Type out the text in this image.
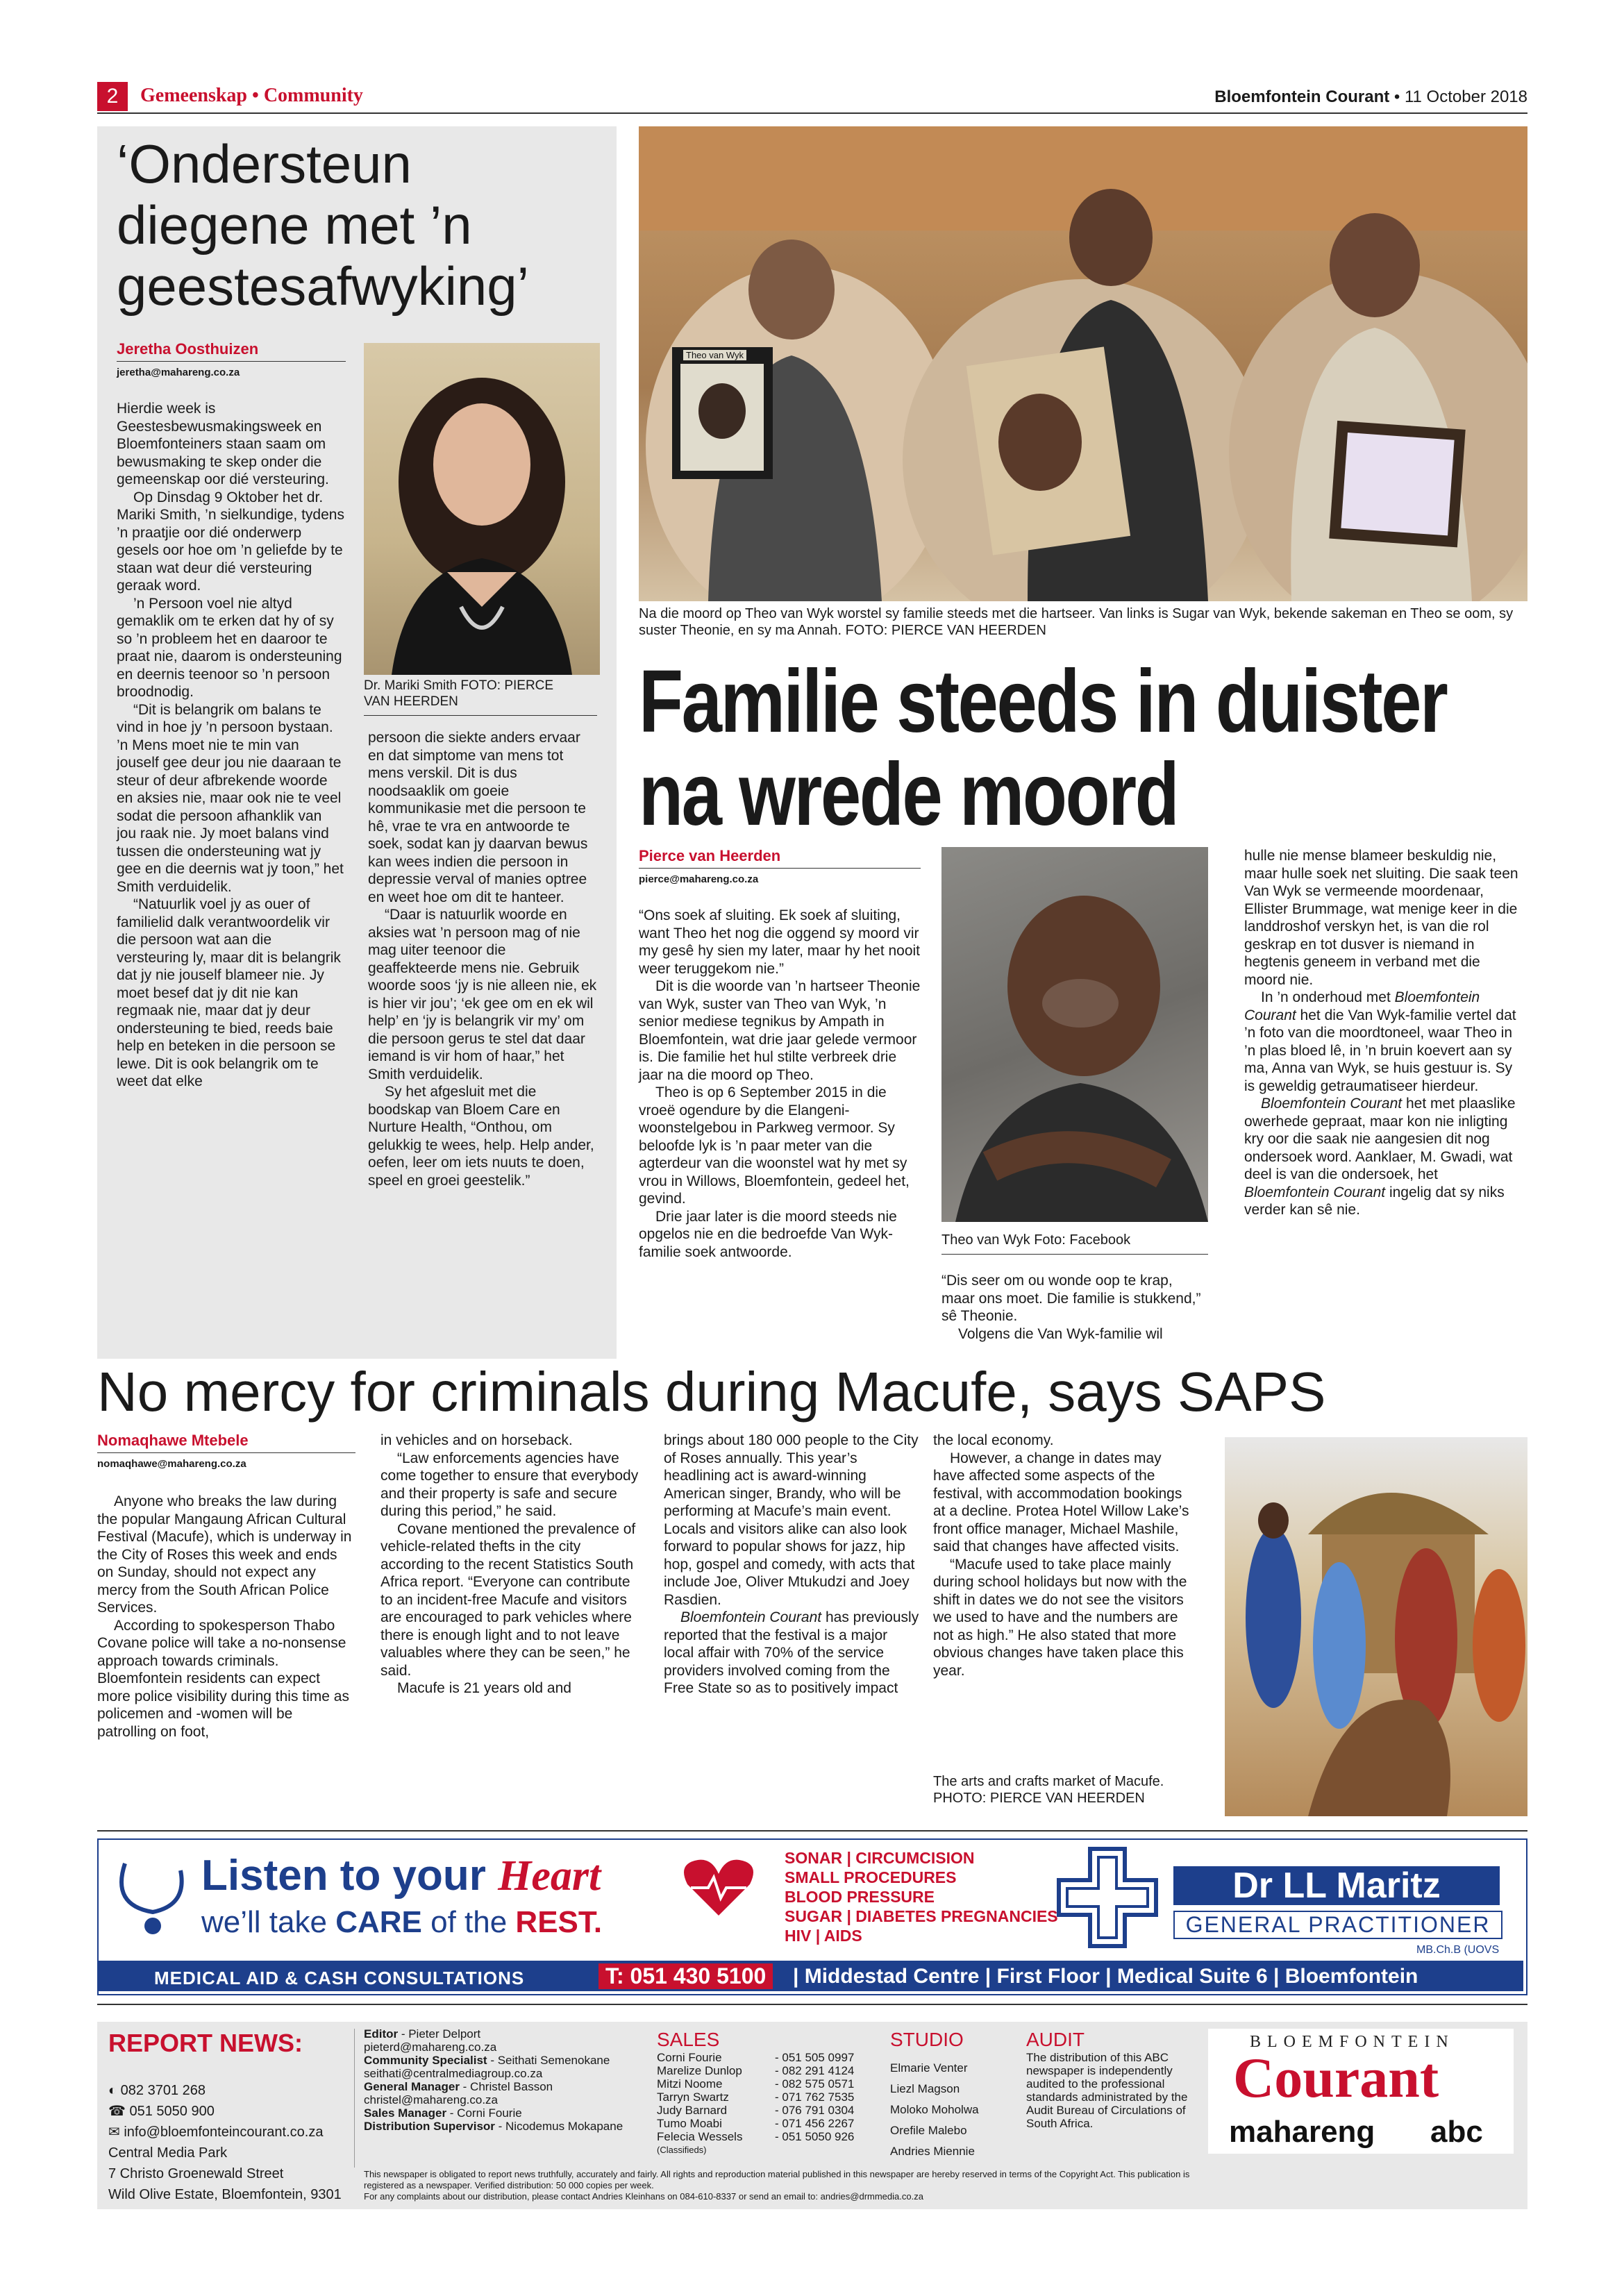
2	Gemeenskap • Community	Bloemfontein Courant • 11 October 2018
‘Ondersteun diegene met ’n geestesafwyking’
Jeretha Oosthuizen
jeretha@mahareng.co.za

Hierdie week is Geestesbewusmakingsweek en Bloemfonteiners staan saam om bewusmaking te skep onder die gemeenskap oor dié versteuring.

Op Dinsdag 9 Oktober het dr. Mariki Smith, ’n sielkundige, tydens ’n praatjie oor dié onderwerp gesels oor hoe om ’n geliefde by te staan wat deur dié versteuring geraak word.

’n Persoon voel nie altyd gemaklik om te erken dat hy of sy so ’n probleem het en daaroor te praat nie, daarom is ondersteuning en deernis teenoor so ’n persoon broodnodig.

“Dit is belangrik om balans te vind in hoe jy ’n persoon bystaan. ’n Mens moet nie te min van jouself gee deur jou nie daaraan te steur of deur afbrekende woorde en aksies nie, maar ook nie te veel sodat die persoon afhanklik van jou raak nie. Jy moet balans vind tussen die ondersteuning wat jy gee en die deernis wat jy toon,” het Smith verduidelik.

“Natuurlik voel jy as ouer of familielid dalk verantwoordelik vir die persoon wat aan die versteuring ly, maar dit is belangrik dat jy nie jouself blameer nie. Jy moet besef dat jy dit nie kan regmaak nie, maar dat jy deur ondersteuning te bied, reeds baie help en beteken in die persoon se lewe. Dit is ook belangrik om te weet dat elke

Dr. Mariki Smith FOTO: PIERCE VAN HEERDEN

persoon die siekte anders ervaar en dat simptome van mens tot mens verskil. Dit is dus noodsaaklik om goeie kommunikasie met die persoon te hê, vrae te vra en antwoorde te soek, sodat kan jy daarvan bewus kan wees indien die persoon in depressie verval of manies optree en weet hoe om dit te hanteer.

“Daar is natuurlik woorde en aksies wat ’n persoon mag of nie mag uiter teenoor die geaffekteerde mens nie. Gebruik woorde soos ‘jy is nie alleen nie, ek is hier vir jou’; ‘ek gee om en ek wil help’ en ‘jy is belangrik vir my’ om die persoon gerus te stel dat daar iemand is vir hom of haar,” het Smith verduidelik.

Sy het afgesluit met die boodskap van Bloem Care en Nurture Health, “Onthou, om gelukkig te wees, help. Help ander, oefen, leer om iets nuuts te doen, speel en groei geestelik.”

Theo van Wyk
Na die moord op Theo van Wyk worstel sy familie steeds met die hartseer. Van links is Sugar van Wyk, bekende sakeman en Theo se oom, sy suster Theonie, en sy ma Annah. FOTO: PIERCE VAN HEERDEN
Familie steeds in duister
na wrede moord
Pierce van Heerden
pierce@mahareng.co.za

“Ons soek af sluiting. Ek soek af sluiting, want Theo het nog die oggend sy moord vir my gesê hy sien my later, maar hy het nooit weer teruggekom nie.”

Dit is die woorde van ’n hartseer Theonie van Wyk, suster van Theo van Wyk, ’n senior mediese tegnikus by Ampath in Bloemfontein, wat drie jaar gelede vermoor is. Die familie het hul stilte verbreek drie jaar na die moord op Theo.

Theo is op 6 September 2015 in die vroeë ogendure by die Elangeni-woonstelgebou in Parkweg vermoor. Sy beloofde lyk is ’n paar meter van die agterdeur van die woonstel wat hy met sy vrou in Willows, Bloemfontein, gedeel het, gevind.

Drie jaar later is die moord steeds nie opgelos nie en die bedroefde Van Wyk-familie soek antwoorde.

Theo van Wyk Foto: Facebook

“Dis seer om ou wonde oop te krap, maar ons moet. Die familie is stukkend,” sê Theonie.

Volgens die Van Wyk-familie wil

hulle nie mense blameer beskuldig nie, maar hulle soek net sluiting. Die saak teen Van Wyk se vermeende moordenaar, Ellister Brummage, wat menige keer in die landdroshof verskyn het, is van die rol geskrap en tot dusver is niemand in hegtenis geneem in verband met die moord nie.

In ’n onderhoud met Bloemfontein Courant het die Van Wyk-familie vertel dat ’n foto van die moordtoneel, waar Theo in ’n plas bloed lê, in ’n bruin koevert aan sy ma, Anna van Wyk, se huis gestuur is. Sy is geweldig getraumatiseer hierdeur.

Bloemfontein Courant het met plaaslike owerhede gepraat, maar kon nie inligting kry oor die saak nie aangesien dit nog ondersoek word. Aanklaer, M. Gwadi, wat deel is van die ondersoek, het Bloemfontein Courant ingelig dat sy niks verder kan sê nie.

No mercy for criminals during Macufe, says SAPS
Nomaqhawe Mtebele
nomaqhawe@mahareng.co.za

Anyone who breaks the law during the popular Mangaung African Cultural Festival (Macufe), which is underway in the City of Roses this week and ends on Sunday, should not expect any mercy from the South African Police Services.

According to spokesperson Thabo Covane police will take a no-nonsense approach towards criminals. Bloemfontein residents can expect more police visibility during this time as policemen and -women will be patrolling on foot,

in vehicles and on horseback.

“Law enforcements agencies have come together to ensure that everybody and their property is safe and secure during this period,” he said.

Covane mentioned the prevalence of vehicle-related thefts in the city according to the recent Statistics South Africa report. “Everyone can contribute to an incident-free Macufe and visitors are encouraged to park vehicles where there is enough light and to not leave valuables where they can be seen,” he said.

Macufe is 21 years old and

brings about 180 000 people to the City of Roses annually. This year’s headlining act is award-winning American singer, Brandy, who will be performing at Macufe’s main event. Locals and visitors alike can also look forward to popular shows for jazz, hip hop, gospel and comedy, with acts that include Joe, Oliver Mtukudzi and Joey Rasdien.

Bloemfontein Courant has previously reported that the festival is a major local affair with 70% of the service providers involved coming from the Free State so as to positively impact

the local economy.

However, a change in dates may have affected some aspects of the festival, with accommodation bookings at a decline. Protea Hotel Willow Lake’s front office manager, Michael Mashile, said that changes have affected visits.

“Macufe used to take place mainly during school holidays but now with the shift in dates we do not see the visitors we used to have and the numbers are not as high.” He also stated that more obvious changes have taken place this year.

The arts and crafts market of Macufe. PHOTO: PIERCE VAN HEERDEN
Listen to your Heart
we’ll take CARE of the REST.
SONAR | CIRCUMCISION
SMALL PROCEDURES
BLOOD PRESSURE
SUGAR | DIABETES PREGNANCIES
HIV | AIDS
Dr LL Maritz
GENERAL PRACTITIONER
MB.Ch.B (UOVS
MEDICAL AID & CASH CONSULTATIONS	T: 051 430 5100	| Middestad Centre | First Floor | Medical Suite 6 | Bloemfontein
REPORT NEWS:
◐ 082 3701 268
☎ 051 5050 900
✉ info@bloemfonteincourant.co.za
Central Media Park
7 Christo Groenewald Street
Wild Olive Estate, Bloemfontein, 9301
Editor - Pieter Delport
pieterd@mahareng.co.za
Community Specialist - Seithati Semenokane
seithati@centralmediagroup.co.za
General Manager - Christel Basson
christel@mahareng.co.za
Sales Manager - Corni Fourie
Distribution Supervisor - Nicodemus Mokapane
SALES
Corni Fourie	- 051 505 0997
Marelize Dunlop	- 082 291 4124
Mitzi Noome	- 082 575 0571
Tarryn Swartz	- 071 762 7535
Judy Barnard	- 076 791 0304
Tumo Moabi	- 071 456 2267
Felecia Wessels	- 051 5050 926
(Classifieds)
STUDIO
Elmarie Venter
Liezl Magson
Moloko Moholwa
Orefile Malebo
Andries Miennie
AUDIT
The distribution of this ABC newspaper is independently audited to the professional standards administrated by the Audit Bureau of Circulations of South Africa.
BLOEMFONTEIN
Courant
mahareng abc
This newspaper is obligated to report news truthfully, accurately and fairly. All rights and reproduction material published in this newspaper are hereby reserved in terms of the Copyright Act. This publication is registered as a newspaper. Verified distribution: 50 000 copies per week.
For any complaints about our distribution, please contact Andries Kleinhans on 084-610-8337 or send an email to: andries@drmmedia.co.za
